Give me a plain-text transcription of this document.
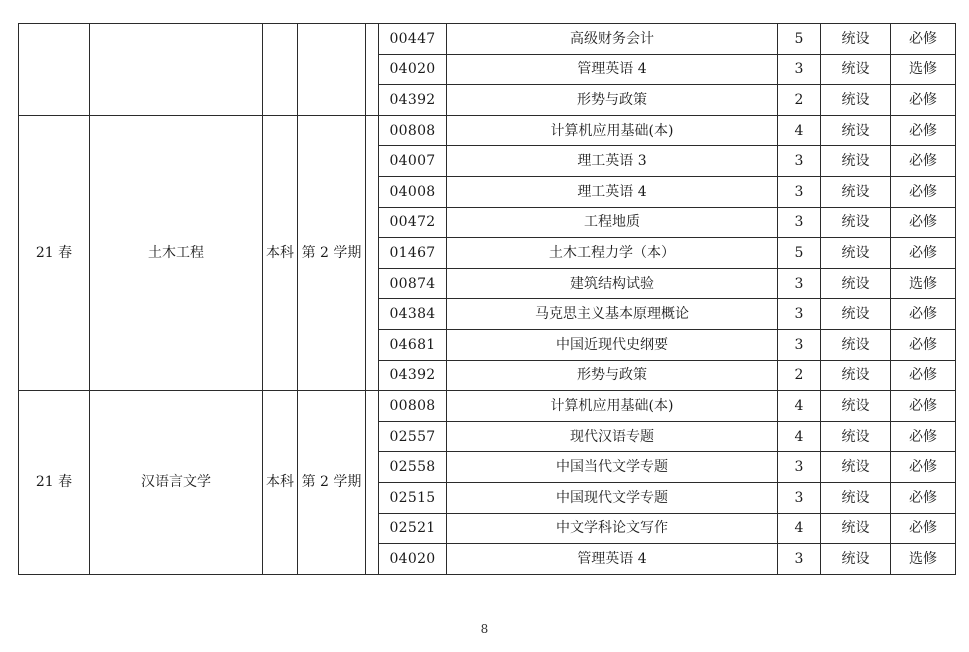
					00447	高级财务会计	5	统设	必修
					04020	管理英语 4	3	统设	选修
					04392	形势与政策	2	统设	必修
21 春	土木工程	本科	第 2 学期		00808	计算机应用基础(本)	4	统设	必修
					04007	理工英语 3	3	统设	必修
					04008	理工英语 4	3	统设	必修
					00472	工程地质	3	统设	必修
					01467	土木工程力学（本）	5	统设	必修
					00874	建筑结构试验	3	统设	选修
					04384	马克思主义基本原理概论	3	统设	必修
					04681	中国近现代史纲要	3	统设	必修
					04392	形势与政策	2	统设	必修
21 春	汉语言文学	本科	第 2 学期		00808	计算机应用基础(本)	4	统设	必修
					02557	现代汉语专题	4	统设	必修
					02558	中国当代文学专题	3	统设	必修
					02515	中国现代文学专题	3	统设	必修
					02521	中文学科论文写作	4	统设	必修
					04020	管理英语 4	3	统设	选修
8
